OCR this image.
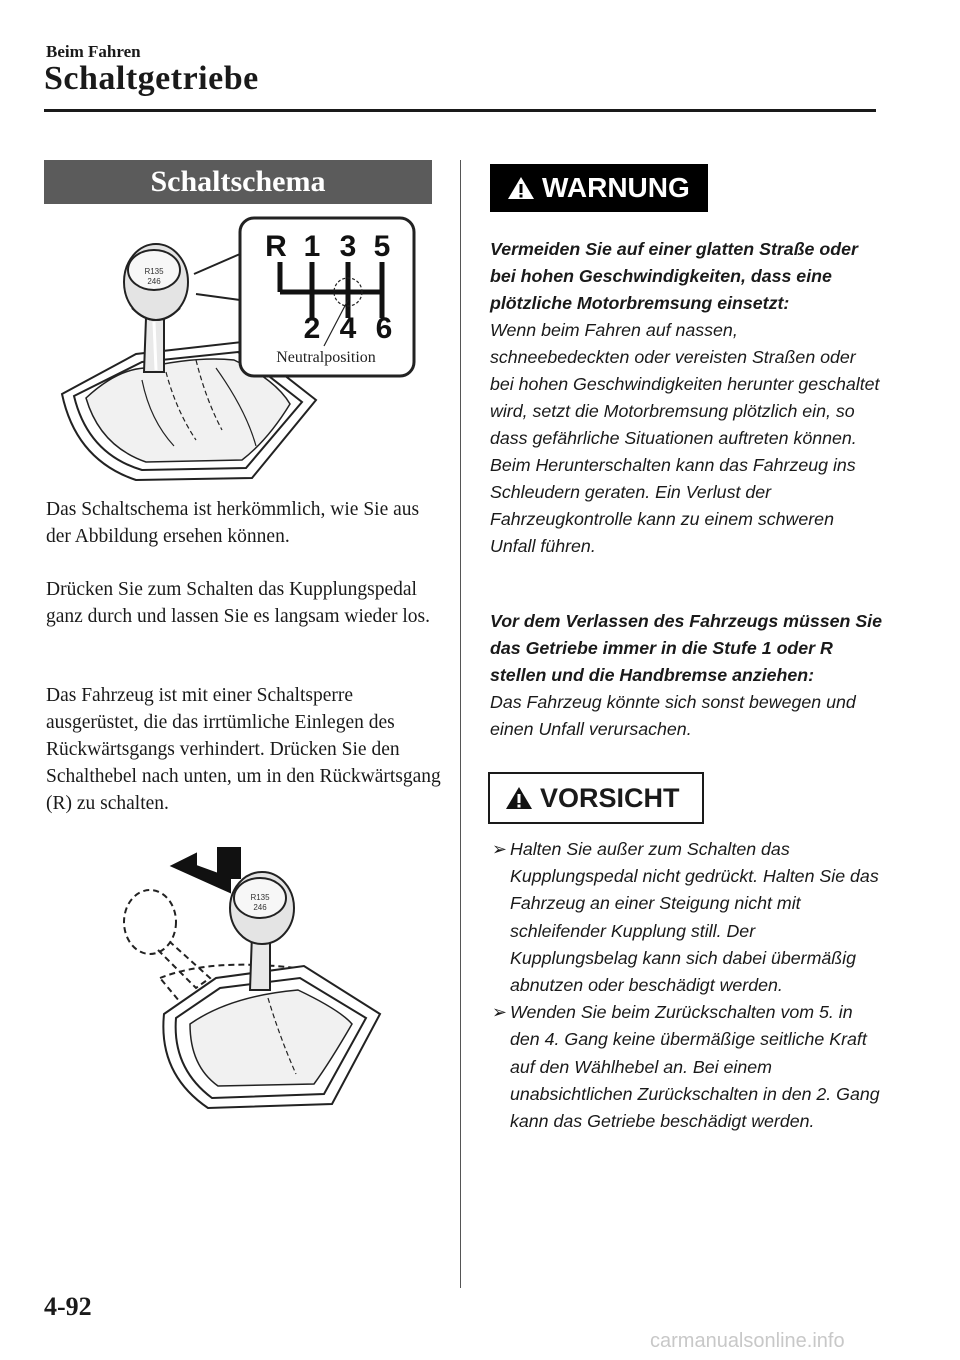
Beim Fahren
Schaltgetriebe
Schaltschema
R135
246
R 1 3 5
2 4 6
Neutralposition
Das Schaltschema ist herkömmlich, wie Sie aus der Abbildung ersehen können.
Drücken Sie zum Schalten das Kupplungspedal ganz durch und lassen Sie es langsam wieder los.
Das Fahrzeug ist mit einer Schaltsperre ausgerüstet, die das irrtümliche Einlegen des Rückwärtsgangs verhindert. Drücken Sie den Schalthebel nach unten, um in den Rückwärtsgang (R) zu schalten.
R135
246
WARNUNG
Vermeiden Sie auf einer glatten Straße oder bei hohen Geschwindigkeiten, dass eine plötzliche Motorbremsung einsetzt:
Wenn beim Fahren auf nassen, schneebedeckten oder vereisten Straßen oder bei hohen Geschwindigkeiten herunter geschaltet wird, setzt die Motorbremsung plötzlich ein, so dass gefährliche Situationen auftreten können. Beim Herunterschalten kann das Fahrzeug ins Schleudern geraten. Ein Verlust der Fahrzeugkontrolle kann zu einem schweren Unfall führen.
Vor dem Verlassen des Fahrzeugs müssen Sie das Getriebe immer in die Stufe 1 oder R stellen und die Handbremse anziehen:
Das Fahrzeug könnte sich sonst bewegen und einen Unfall verursachen.
VORSICHT
➢ Halten Sie außer zum Schalten das Kupplungspedal nicht gedrückt. Halten Sie das Fahrzeug an einer Steigung nicht mit schleifender Kupplung still. Der Kupplungsbelag kann sich dabei übermäßig abnutzen oder beschädigt werden.
➢ Wenden Sie beim Zurückschalten vom 5. in den 4. Gang keine übermäßige seitliche Kraft auf den Wählhebel an. Bei einem unabsichtlichen Zurückschalten in den 2. Gang kann das Getriebe beschädigt werden.
4-92
carmanualsonline.info
